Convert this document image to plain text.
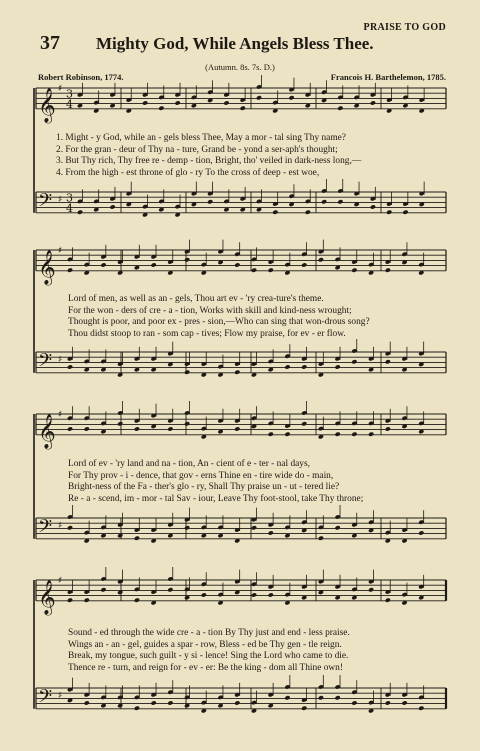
PRAISE TO GOD
37 Mighty God, While Angels Bless Thee.
(Autumn. 8s. 7s. D.)
Robert Robinson, 1774.	Francois H. Barthelemon, 1785.
𝄞 ♯ 3
4
𝄢 ♯ 3
4
𝄞 ♯
𝄢 ♯
𝄞 ♯
𝄢 ♯
𝄞 ♯
𝄢 ♯
1. Might - y God, while an - gels bless Thee, May a mor - tal sing Thy name?
2. For the gran - deur of Thy na - ture, Grand be - yond a ser-aph's thought;
3. But Thy rich, Thy free re - demp - tion, Bright, tho' veiled in dark-ness long,—
4. From the high - est throne of glo - ry To the cross of deep - est woe,
Lord of men, as well as an - gels, Thou art ev - 'ry crea-ture's theme.
For the won - ders of cre - a - tion, Works with skill and kind-ness wrought;
Thought is poor, and poor ex - pres - sion,—Who can sing that won-drous song?
Thou didst stoop to ran - som cap - tives; Flow my praise, for ev - er flow.
Lord of ev - 'ry land and na - tion, An - cient of e - ter - nal days,
For Thy prov - i - dence, that gov - erns Thine en - tire wide do - main,
Bright-ness of the Fa - ther's glo - ry, Shall Thy praise un - ut - tered lie?
Re - a - scend, im - mor - tal Sav - iour, Leave Thy foot-stool, take Thy throne;
Sound - ed through the wide cre - a - tion By Thy just and end - less praise.
Wings an - an - gel, guides a spar - row, Bless - ed be Thy gen - tle reign.
Break, my tongue, such guilt - y si - lence! Sing the Lord who came to die.
Thence re - turn, and reign for - ev - er: Be the king - dom all Thine own!
